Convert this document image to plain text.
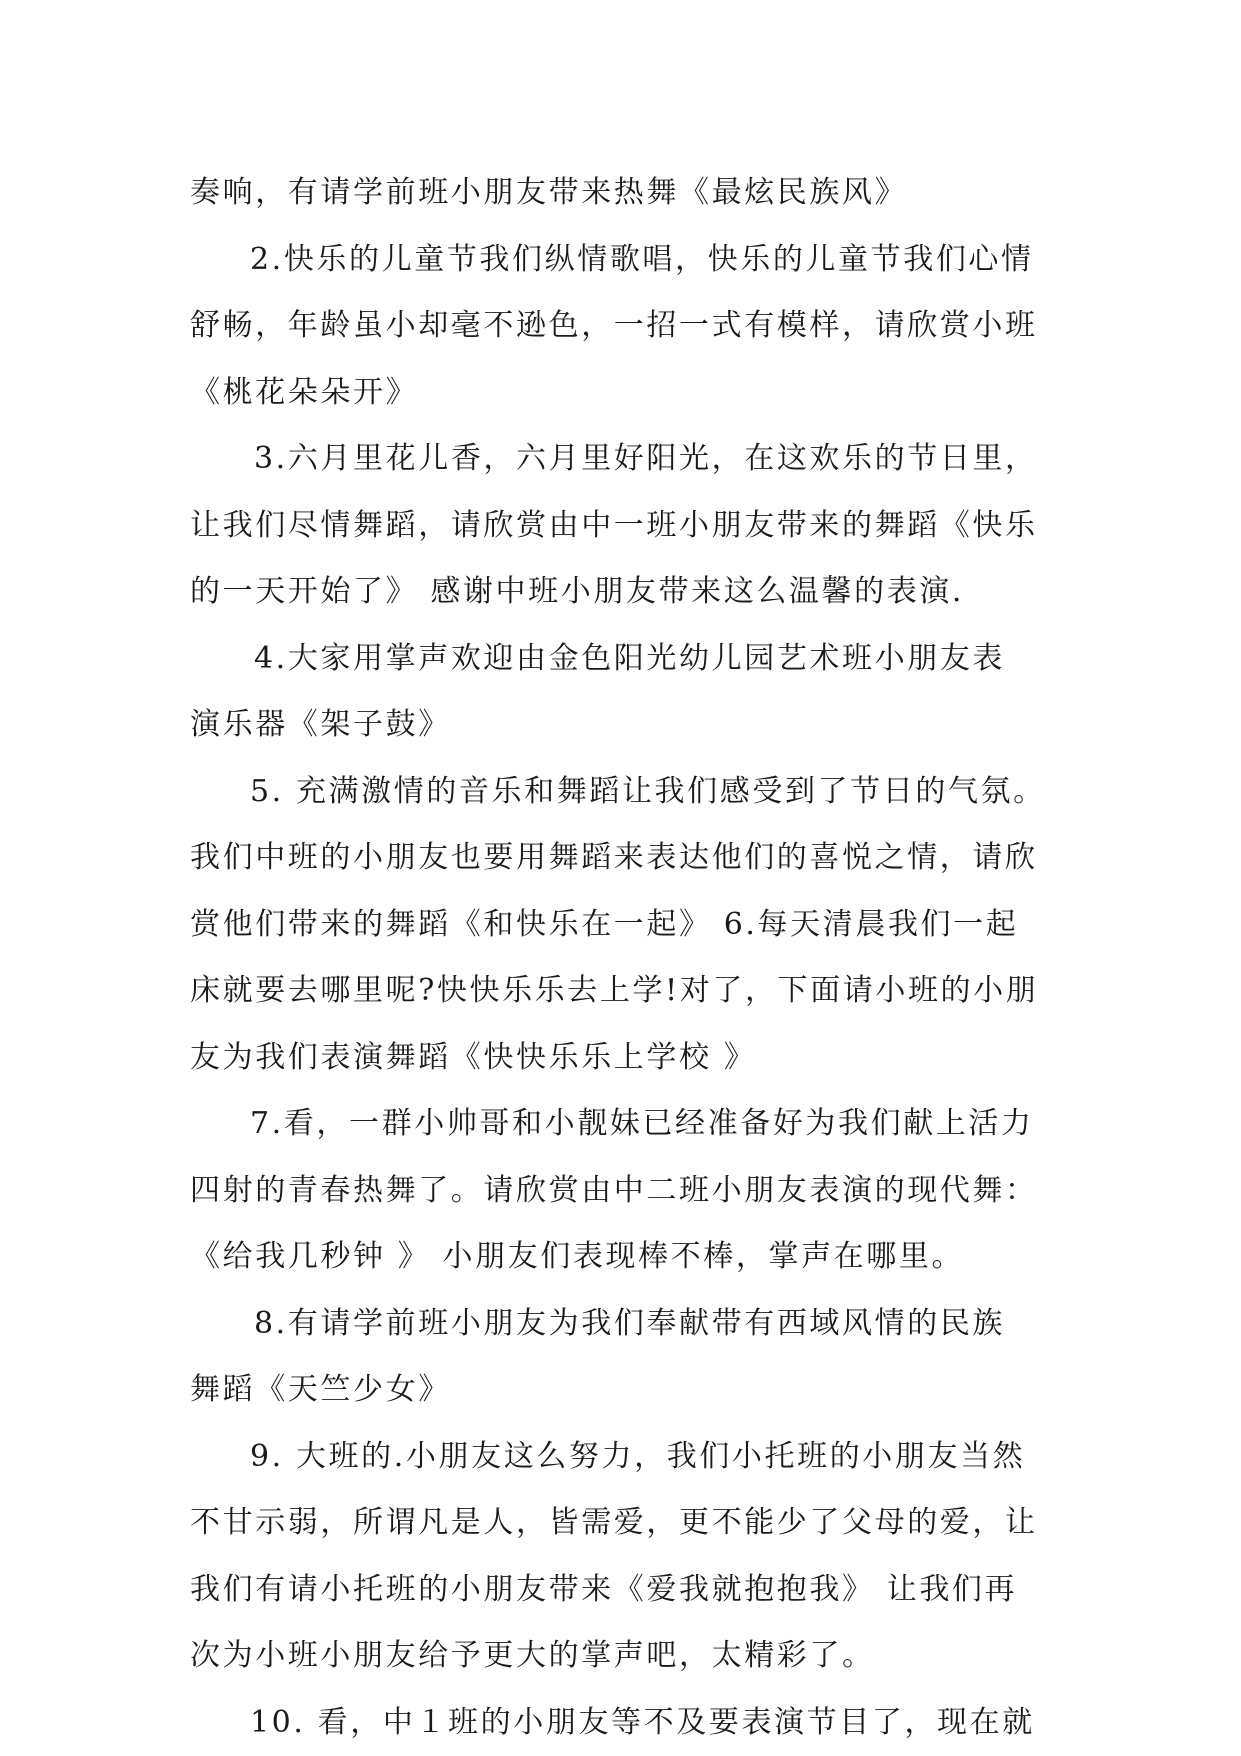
奏响，有请学前班小朋友带来热舞《最炫民族风》
2.快乐的儿童节我们纵情歌唱，快乐的儿童节我们心情
舒畅，年龄虽小却毫不逊色，一招一式有模样，请欣赏小班
《桃花朵朵开》
3.六月里花儿香，六月里好阳光，在这欢乐的节日里，
让我们尽情舞蹈，请欣赏由中一班小朋友带来的舞蹈《快乐
的一天开始了》 感谢中班小朋友带来这么温馨的表演.
4.大家用掌声欢迎由金色阳光幼儿园艺术班小朋友表
演乐器《架子鼓》
5. 充满激情的音乐和舞蹈让我们感受到了节日的气氛。
我们中班的小朋友也要用舞蹈来表达他们的喜悦之情，请欣
赏他们带来的舞蹈《和快乐在一起》 6.每天清晨我们一起
床就要去哪里呢?快快乐乐去上学!对了，下面请小班的小朋
友为我们表演舞蹈《快快乐乐上学校 》
7.看，一群小帅哥和小靓妹已经准备好为我们献上活力
四射的青春热舞了。请欣赏由中二班小朋友表演的现代舞：
《给我几秒钟 》 小朋友们表现棒不棒，掌声在哪里。
8.有请学前班小朋友为我们奉献带有西域风情的民族
舞蹈《天竺少女》
9. 大班的.小朋友这么努力，我们小托班的小朋友当然
不甘示弱，所谓凡是人，皆需爱，更不能少了父母的爱，让
我们有请小托班的小朋友带来《爱我就抱抱我》 让我们再
次为小班小朋友给予更大的掌声吧，太精彩了。
10. 看，中１班的小朋友等不及要表演节目了，现在就
